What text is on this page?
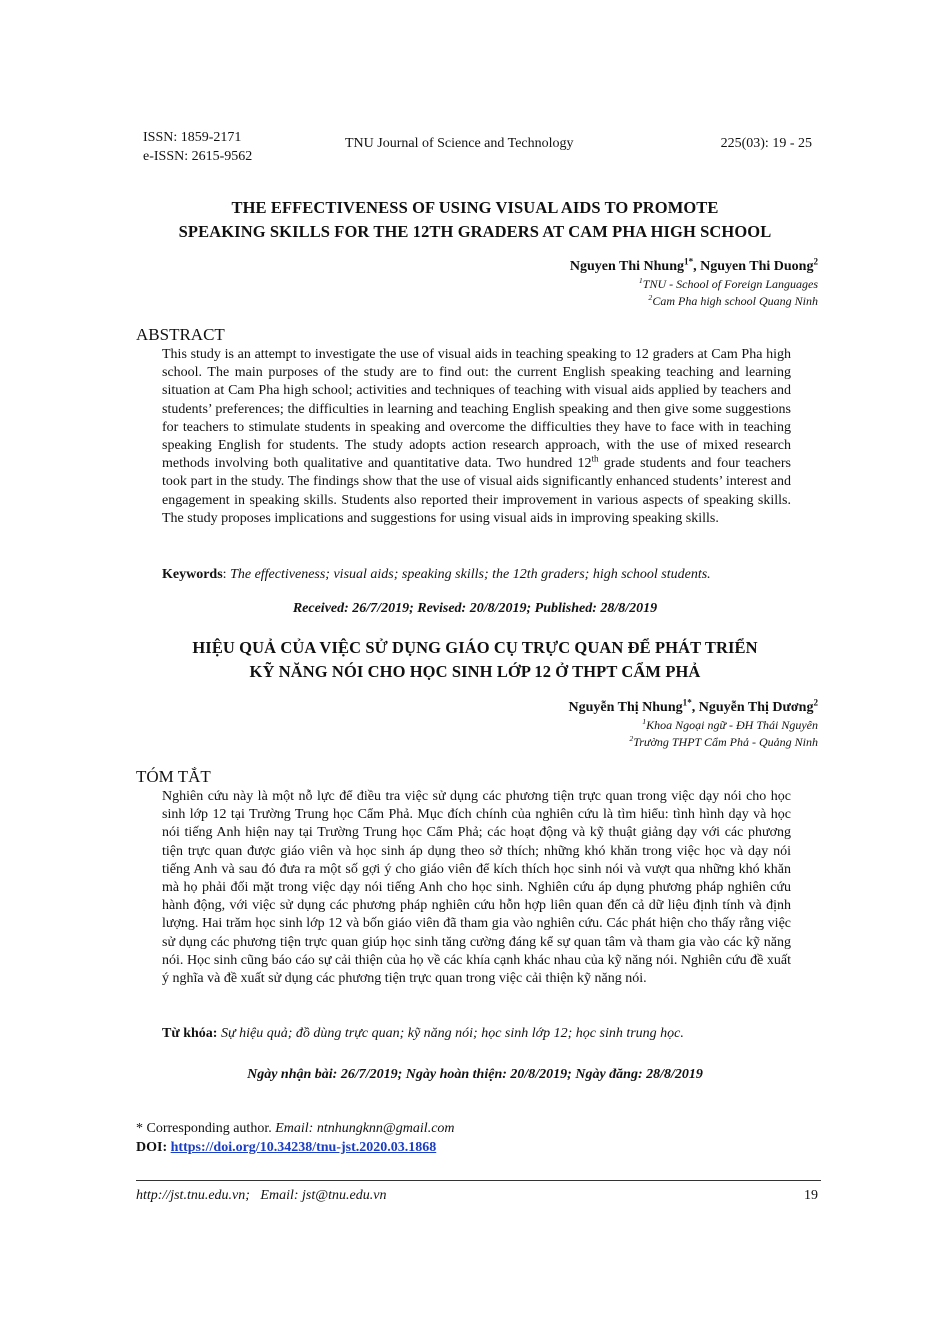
ISSN: 1859-2171
e-ISSN: 2615-9562
TNU Journal of Science and Technology	225(03): 19 - 25
THE EFFECTIVENESS OF USING VISUAL AIDS TO PROMOTE
SPEAKING SKILLS FOR THE 12TH GRADERS AT CAM PHA HIGH SCHOOL
Nguyen Thi Nhung$^{1*}$, Nguyen Thi Duong$^2$
$^1$TNU - School of Foreign Languages
$^2$Cam Pha high school Quang Ninh
ABSTRACT
This study is an attempt to investigate the use of visual aids in teaching speaking to 12 graders at Cam Pha high school. The main purposes of the study are to find out: the current English speaking teaching and learning situation at Cam Pha high school; activities and techniques of teaching with visual aids applied by teachers and students’ preferences; the difficulties in learning and teaching English speaking and then give some suggestions for teachers to stimulate students in speaking and overcome the difficulties they have to face with in teaching speaking English for students. The study adopts action research approach, with the use of mixed research methods involving both qualitative and quantitative data. Two hundred 12th grade students and four teachers took part in the study. The findings show that the use of visual aids significantly enhanced students’ interest and engagement in speaking skills. Students also reported their improvement in various aspects of speaking skills. The study proposes implications and suggestions for using visual aids in improving speaking skills.
Keywords: The effectiveness; visual aids; speaking skills; the 12th graders; high school students.
Received: 26/7/2019; Revised: 20/8/2019; Published: 28/8/2019
HIỆU QUẢ CỦA VIỆC SỬ DỤNG GIÁO CỤ TRỰC QUAN ĐỂ PHÁT TRIỂN
KỸ NĂNG NÓI CHO HỌC SINH LỚP 12 Ở THPT CẨM PHẢ
Nguyễn Thị Nhung$^{1*}$, Nguyễn Thị Dương$^2$
$^1$Khoa Ngoại ngữ - ĐH Thái Nguyên
$^2$Trường THPT Cẩm Phả - Quảng Ninh
TÓM TẮT
Nghiên cứu này là một nỗ lực để điều tra việc sử dụng các phương tiện trực quan trong việc dạy nói cho học sinh lớp 12 tại Trường Trung học Cẩm Phả. Mục đích chính của nghiên cứu là tìm hiểu: tình hình dạy và học nói tiếng Anh hiện nay tại Trường Trung học Cẩm Phả; các hoạt động và kỹ thuật giảng dạy với các phương tiện trực quan được giáo viên và học sinh áp dụng theo sở thích; những khó khăn trong việc học và dạy nói tiếng Anh và sau đó đưa ra một số gợi ý cho giáo viên để kích thích học sinh nói và vượt qua những khó khăn mà họ phải đối mặt trong việc dạy nói tiếng Anh cho học sinh. Nghiên cứu áp dụng phương pháp nghiên cứu hành động, với việc sử dụng các phương pháp nghiên cứu hỗn hợp liên quan đến cả dữ liệu định tính và định lượng. Hai trăm học sinh lớp 12 và bốn giáo viên đã tham gia vào nghiên cứu. Các phát hiện cho thấy rằng việc sử dụng các phương tiện trực quan giúp học sinh tăng cường đáng kể sự quan tâm và tham gia vào các kỹ năng nói. Học sinh cũng báo cáo sự cải thiện của họ về các khía cạnh khác nhau của kỹ năng nói. Nghiên cứu đề xuất ý nghĩa và đề xuất sử dụng các phương tiện trực quan trong việc cải thiện kỹ năng nói.
Từ khóa: Sự hiệu quả; đồ dùng trực quan; kỹ năng nói; học sinh lớp 12; học sinh trung học.
Ngày nhận bài: 26/7/2019; Ngày hoàn thiện: 20/8/2019; Ngày đăng: 28/8/2019
* Corresponding author. Email: ntnhungknn@gmail.com
DOI: https://doi.org/10.34238/tnu-jst.2020.03.1868
http://jst.tnu.edu.vn;   Email: jst@tnu.edu.vn	19
